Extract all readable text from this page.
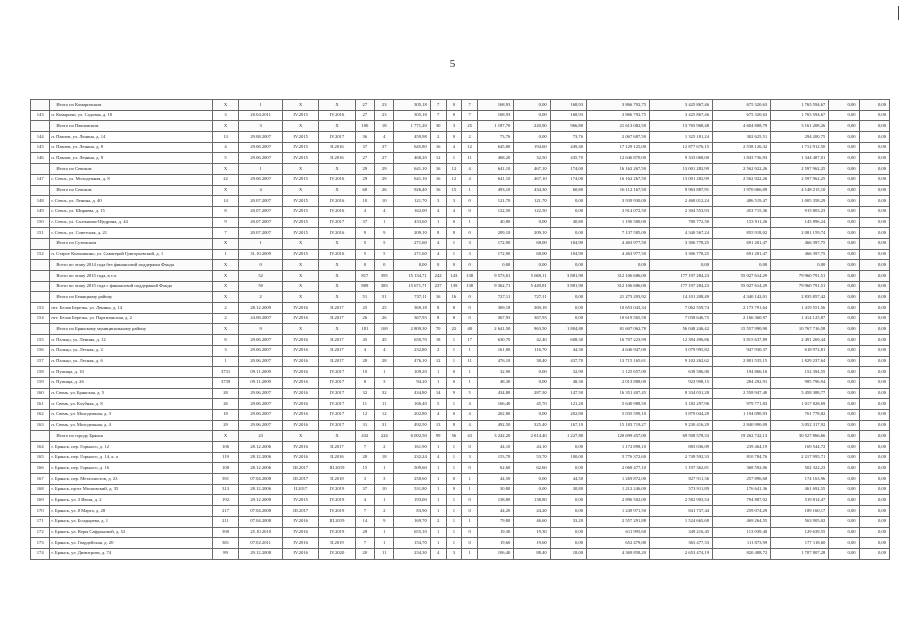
5
	Итого по Комаричском	X	1	X	X	27	23	305,18	7	0	7	168,93	0,00	168,93	3 866 792,75	3 425 867,46	675 320,63	1 765 594,67	0,00	0,00
143	п. Комаричи, ул. Садовая, д. 10	3	20.04.2011	IV.2015	IV.2016	27	23	305,18	7	0	7	168,93	0,00	168,93	3 866 792,75	3 425 867,46	675 320,63	1 765 594,67	0,00	0,00
	Итого по Павловском	X	3	X	X	100	18	1 771,20	30	3	25	1 187,70	220,90	966,80	21 613 082,50	13 765 968,48	4 604 808,79	3 161 208,26	0,00	0,00
144	п. Павлов, ул. Ленина, д. 14	13	29.08.2007	IV.2015	IV.2017	36	4	459,98	2	0	2	73,76	0,00	73,76	2 067 687,50	1 325 181,24	302 625,51	294 200,75	0,00	0,00
145	п. Павлов, ул. Ленина, д. 8	4	29.06.2007	IV.2015	II.2016	37	37	645,80	16	4	12	645,80	194,60	449,40	17 129 125,00	12 877 676,15	2 538 126,32	1 712 912,50	0,00	0,00
146	п. Павлов, ул. Ленина, д. 8	5	29.06.2007	IV.2015	II.2016	27	27	468,20	12	1	11	468,20	32,50	435,70	12 646 870,00	9 333 068,00	1 843 736,93	1 344 487,01	0,00	0,00
	Итого по Севском	X	1	X	X	29	29	641,10	16	12	4	641,10	467,10	174,00	16 162 267,50	13 001 282,99	2 562 922,26	2 597 962,25	0,00	0,00
147	г. Севск, ул. Молодежная, д. 8	22	29.06.2007	IV.2015	IV.2016	29	29	641,10	16	12	4	641,10	467,10	174,00	16 162 267,50	13 001 282,99	2 562 922,26	2 597 962,25	0,00	0,00
	Итого по Севском	X	4	X	X	60	26	926,40	16	15	1	493,10	434,30	60,80	16 112 167,50	9 963 887,91	1 970 066,09	4 148 215,10	0,00	0,00
148	г. Севск, ул. Ленина, д. 40	14	20.07.2007	IV.2015	IV.2016	10	10	121,70	3	3	0	121,70	121,70	0,00	3 939 930,00	2 468 012,24	486 519,47	1 005 358,29	0,00	0,00
149	г. Севск, ул. Ширяева, д. 15	8	20.07.2007	IV.2015	IV.2016	4	4	162,00	4	4	0	122,50	122,50	0,00	3 914 072,50	2 304 553,93	453 715,36	915 803,23	0,00	0,00
150	г. Севск, ул. Салтыкова-Щедрина, д. 44	9	20.07.2007	IV.2015	IV.2017	37	1	433,60	1	0	1	40,80	0,00	40,80	1 190 580,00	780 772,50	153 911,26	145 896,24	0,00	0,00
151	г. Севск, ул. Советская, д. 21	7	20.07.2007	IV.2015	IV.2016	9	9	209,10	8	8	0	209,10	209,10	0,00	7 137 585,00	4 340 567,24	855 918,02	2 081 159,74	0,00	0,00
	Итого по Суземском	X	1	X	X	5	5	271,60	4	1	3	172,90	68,00	104,90	4 463 977,50	3 306 778,25	691 201,47	466 397,75	0,00	0,00
152	п. Старое Колышкино, ул. Саватерий Григорьевский, д. 1	1	31.10.2009	IV.2015	IV.2016	5	5	271,60	4	1	3	172,90	68,00	104,90	4 463 977,50	3 306 778,25	691 201,47	466 397,75	0,00	0,00
	Всего по этапу 2014 года без финансовой поддержки Фонда	X	0	X	X	0	0	0,00	0	0	0	0,00	0,00	0,00	0,00	0,00	0,00	0,00	0,00	0,00
	Всего по этапу 2015 года, в т.ч.	X	52	X	X	817	395	15 134,71	242	143	138	9 573,01	5 669,11	3 881,90	312 106 686,00	177 197 284,23	55 027 614,29	79 960 791,51	0,00	0,00
	Всего по этапу 2015 года с финансовой поддержкой Фонда	X	50	X	X	809	383	15 671,71	237	139	138	9 362,71	5 449,81	3 881,90	312 106 686,00	177 197 284,23	55 027 614,29	79 960 791,51	0,00	0,00
	Итого по Бежицкому району	X	2	X	X	51	51	737,11	16	16	0	727,11	727,11	0,00	21 273 293,92	14 101 208,49	4 340 142,01	2 835 857,42	0,00	0,00
153	пгт. Белая Березка, ул. Ленина, д. 14	2	28.12.2009	IV.2016	II.2017	25	25	369,18	8	8	0	369,18	369,18	0,00	10 653 043,34	7 062 559,74	2 173 791,64	1 419 551,56	0,00	0,00
154	пгт. Белая Березка, ул. Партизанская, д. 2	2	24.08.2007	IV.2016	II.2017	26	26	367,93	8	8	0	367,93	367,93	0,00	10 619 565,58	7 038 646,75	2 166 360,97	1 414 125,87	0,00	0,00
	Итого по Брянскому муниципальному району	X	9	X	X	181	169	2 809,30	70	22	48	2 641,50	963,50	1 804,80	81 607 062,78	56 048 246,42	15 557 990,90	10 767 716,58	0,00	0,00
155	п. Пальцо, ул. Ленина, д. 12	8	29.06.2007	IV.2016	II.2017	45	45	650,70	18	1	17	630,70	42,40	608,30	16 707 223,99	12 394 496,86	3 815 637,89	2 491 269,44	0,00	0,00
156	п. Пальцо, ул. Лесная, д. 2	3	29.06.2007	IV.2016	II.2017	4	4	232,80	2	1	1	161,00	116,70	44,30	4 646 947,00	3 079 995,82	947 930,37	618 972,81	0,00	0,00
157	п. Пальцо, ул. Лесная, д. 6	1	20.06.2007	IV.2016	II.2017	28	28	476,10	12	1	11	476,10	38,40	437,70	13 715 165,61	9 102 262,62	2 801 535,15	1 829 237,64	0,00	0,00
158	п. Пупища, д. 10	3731	09.11.2009	IV.2016	IV.2017	10	1	109,20	1	0	1	32,90	0,00	32,90	1 125 657,00	638 586,00	194 866,16	152 394,55	0,00	0,00
159	п. Пупища, д. 26	3739	09.11.2009	IV.2016	IV.2017	8	3	94,20	1	0	1	48,30	0,00	48,30	2 013 888,00	923 998,15	284 292,91	985 796,94	0,00	0,00
160	п. Свень, ул. Брянская, д. 5	28	29.06.2007	IV.2016	IV.2017	32	32	434,80	14	9	5	434,80	287,30	147,50	16 351 407,45	8 334 031,28	2 558 947,40	5 458 388,77	0,00	0,00
161	п. Свень, ул. Клубная, д. 8	26	29.06.2007	IV.2016	IV.2017	11	11	166,40	5	1	4	166,40	45,70	121,20	5 640 988,50	3 182 297,96	979 771,83	1 017 828,69	0,00	0,00
162	п. Свень, ул. Молодежная, д. 3	18	29.06.2007	IV.2016	IV.2017	12	12	202,80	4	0	4	202,80	0,00	202,80	5 035 599,10	3 879 044,29	1 194 090,93	761 778,82	0,00	0,00
163	п. Свень, ул. Молодежная, д. 4	29	29.06.2007	IV.2016	IV.2017	31	31	492,50	13	8	4	492,50	325,40	167,10	15 183 719,27	9 230 416,29	2 840 990,09	3 052 317,92	0,00	0,00
	Итого по городу Брянск	X	23	X	X	432	224	6 002,50	99	56	43	3 242,20	2 014,40	1 227,80	120 699 457,00	69 508 578,33	19 262 742,13	30 527 866,66	0,00	0,00
164	г. Брянск, пер. Горького, д. 12	106	28.12.2006	IV.2016	II.2017	7	2	161,90	1	1	0	44,10	44,10	0,00	1 172 898,10	883 036,09	239 464,19	169 544,72	0,00	0,00
165	г. Брянск, пер. Горького, д. 14, к. а	119	28.12.2006	IV.2016	II.2016	28	18	232,24	4	1	3	153,70	53,70	100,00	5 776 372,60	2 749 592,33	810 784,76	2 217 995,71	0,00	0,00
166	г. Брянск, пер. Горького, д. 16	108	28.12.2006	III.2017	III.2019	15	1	509,60	1	1	0	62,60	62,60	0,00	2 068 477,10	1 197 362,81	368 592,06	502 322,23	0,00	0,00
167	г. Брянск, пер. Металлистов, д. 23	391	07.04.2008	III.2017	II.2018	3	3	258,60	1	0	1	44,50	0,00	44,50	1 269 872,00	827 911,36	257 896,68	174 163,96	0,00	0,00
168	г. Брянск, пр-кт Московский, д. 35	313	28.12.2006	II.2017	IV.2019	37	10	531,80	1	0	1	30,80	0,00	30,80	1 212 246,00	573 911,89	176 641,36	461 692,55	0,00	0,00
169	г. Брянск, ул. 3 Июля, д. 2	192	29.12.2008	IV.2015	IV.2019	4	1	193,00	1	1	0	138,80	138,80	0,00	2 896 502,00	2 582 903,54	794 887,02	519 814,47	0,00	0,00
170	г. Брянск, ул. 8 Марта, д. 28	217	07.04.2008	III.2017	IV.2019	7	2	83,90	1	1	0	44,20	44,20	0,00	1 249 971,50	841 737,44	259 074,29	189 160,17	0,00	0,00
171	г. Брянск, ул. Болдырева, д. 1	211	07.04.2008	IV.2016	III.2019	14	9	169,70	2	1	1	79,80	46,60	33,20	2 557 291,88	1 524 665,68	469 264,55	563 905,02	0,00	0,00
172	г. Брянск, ул. Веры Сафроновой, д. 52	390	25.10.2010	IV.2016	IV.2019	28	1	655,10	1	1	0	19,30	19,30	0,00	611 995,60	349 216,45	113 039,40	129 639,55	0,00	0,00
173	г. Брянск, ул. Гвардейская, д. 20	381	07.02.2011	IV.2016	II.2019	7	1	154,70	1	1	0	19,60	19,60	0,00	652 479,00	363 477,53	111 873,99	177 118,60	0,00	0,00
174	г. Брянск, ул. Димитрова, д. 74	89	29.12.2008	IV.2016	IV.2020	20	11	234,30	4	3	1	106,40	88,40	18,00	4 369 858,20	2 653 474,19	820 488,72	1 707 807,28	0,00	0,00
